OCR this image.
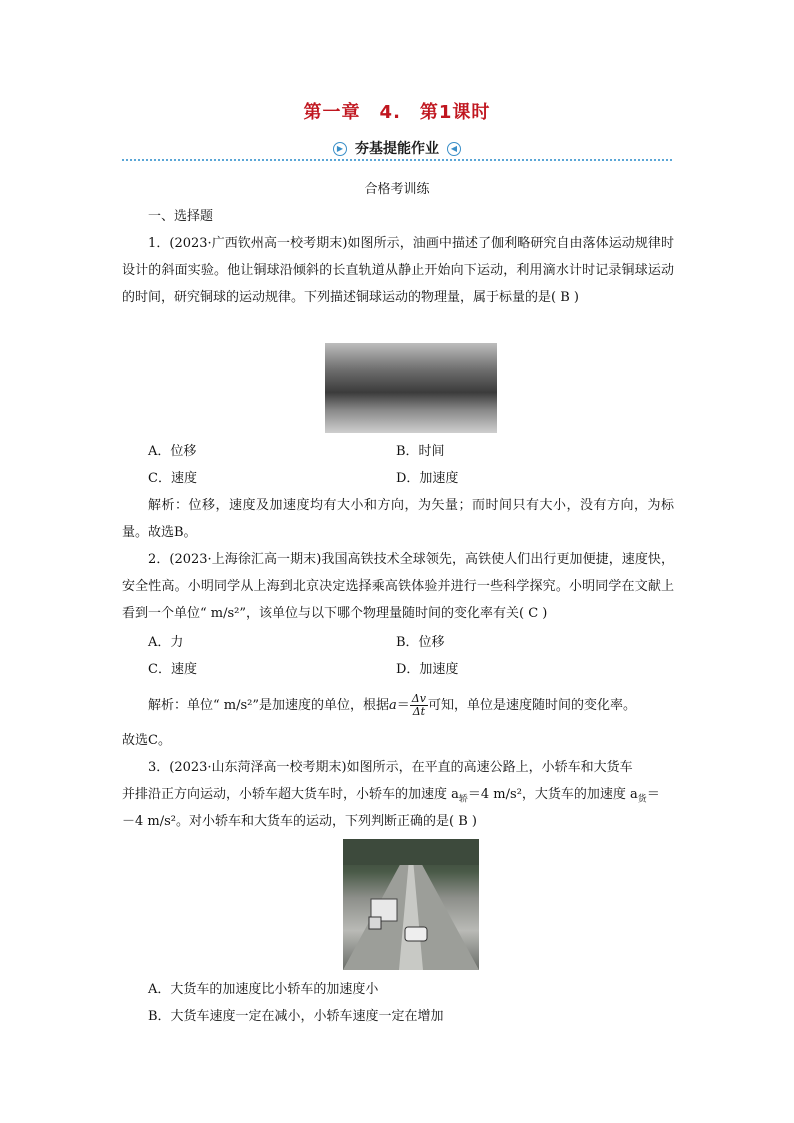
第一章　4.　第1课时
▶ 夯基提能作业 ◀
合格考训练
一、选择题
1．(2023·广西钦州高一校考期末)如图所示，油画中描述了伽利略研究自由落体运动规律时设计的斜面实验。他让铜球沿倾斜的长直轨道从静止开始向下运动，利用滴水计时记录铜球运动的时间，研究铜球的运动规律。下列描述铜球运动的物理量，属于标量的是( B )
A．位移	B．时间
C．速度	D．加速度
解析：位移，速度及加速度均有大小和方向，为矢量；而时间只有大小，没有方向，为标量。故选B。
2．(2023·上海徐汇高一期末)我国高铁技术全球领先，高铁使人们出行更加便捷，速度快，安全性高。小明同学从上海到北京决定选择乘高铁体验并进行一些科学探究。小明同学在文献上看到一个单位“ m/s²”，该单位与以下哪个物理量随时间的变化率有关( C )
A．力	B．位移
C．速度	D．加速度
解析：单位“ m/s²”是加速度的单位，根据$a= \frac{\Delta v}{\Delta t}$ 可知，单位是速度随时间的变化率。
故选C。
3．(2023·山东菏泽高一校考期末)如图所示，在平直的高速公路上，小轿车和大货车
并排沿正方向运动，小轿车超大货车时，小轿车的加速度 $a_轿=4$ m/s²，大货车的加速度 $a_货=$
－4 m/s²。对小轿车和大货车的运动，下列判断正确的是( B )
A．大货车的加速度比小轿车的加速度小
B．大货车速度一定在减小，小轿车速度一定在增加
